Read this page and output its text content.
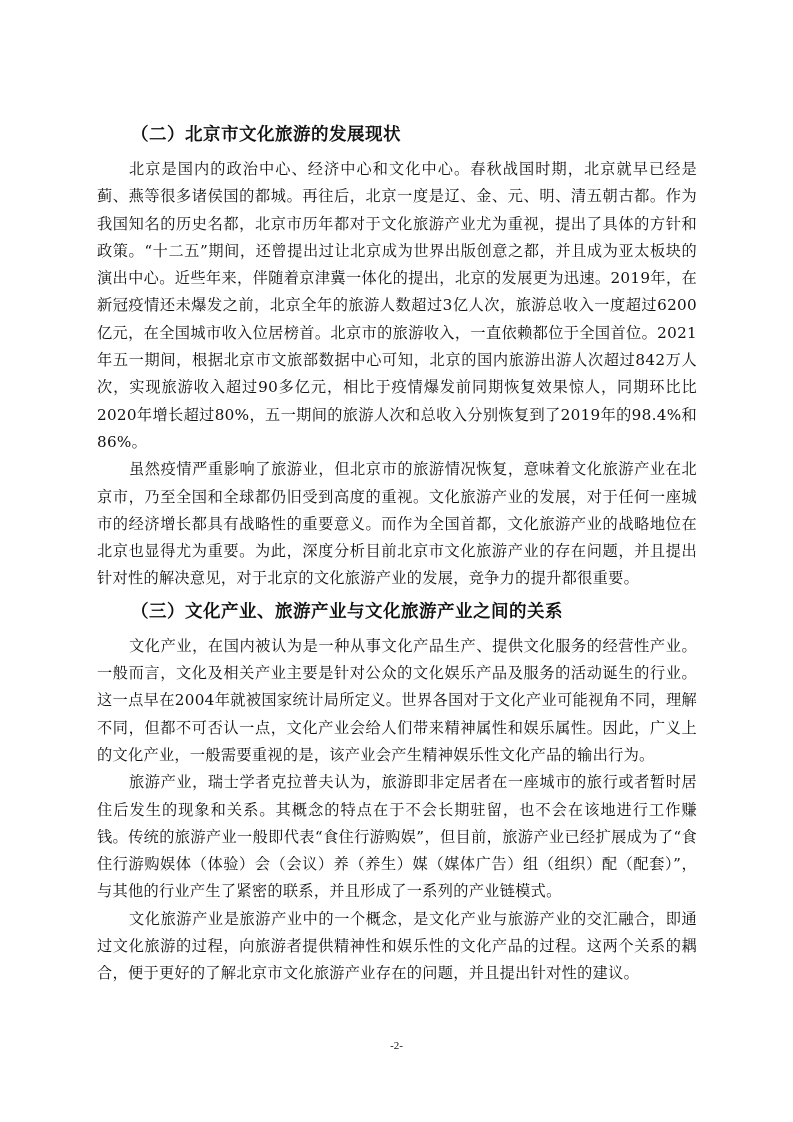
（二）北京市文化旅游的发展现状

北京是国内的政治中心、经济中心和文化中心。春秋战国时期，北京就早已经是蓟、燕等很多诸侯国的都城。再往后，北京一度是辽、金、元、明、清五朝古都。作为我国知名的历史名都，北京市历年都对于文化旅游产业尤为重视，提出了具体的方针和政策。“十二五”期间，还曾提出过让北京成为世界出版创意之都，并且成为亚太板块的演出中心。近些年来，伴随着京津冀一体化的提出，北京的发展更为迅速。2019年，在新冠疫情还未爆发之前，北京全年的旅游人数超过3亿人次，旅游总收入一度超过6200亿元，在全国城市收入位居榜首。北京市的旅游收入，一直依赖都位于全国首位。2021年五一期间，根据北京市文旅部数据中心可知，北京的国内旅游出游人次超过842万人次，实现旅游收入超过90多亿元，相比于疫情爆发前同期恢复效果惊人，同期环比比2020年增长超过80%，五一期间的旅游人次和总收入分别恢复到了2019年的98.4%和86%。

虽然疫情严重影响了旅游业，但北京市的旅游情况恢复，意味着文化旅游产业在北京市，乃至全国和全球都仍旧受到高度的重视。文化旅游产业的发展，对于任何一座城市的经济增长都具有战略性的重要意义。而作为全国首都，文化旅游产业的战略地位在北京也显得尤为重要。为此，深度分析目前北京市文化旅游产业的存在问题，并且提出针对性的解决意见，对于北京的文化旅游产业的发展，竞争力的提升都很重要。

（三）文化产业、旅游产业与文化旅游产业之间的关系

文化产业，在国内被认为是一种从事文化产品生产、提供文化服务的经营性产业。一般而言，文化及相关产业主要是针对公众的文化娱乐产品及服务的活动诞生的行业。这一点早在2004年就被国家统计局所定义。世界各国对于文化产业可能视角不同，理解不同，但都不可否认一点，文化产业会给人们带来精神属性和娱乐属性。因此，广义上的文化产业，一般需要重视的是，该产业会产生精神娱乐性文化产品的输出行为。

旅游产业，瑞士学者克拉普夫认为，旅游即非定居者在一座城市的旅行或者暂时居住后发生的现象和关系。其概念的特点在于不会长期驻留，也不会在该地进行工作赚钱。传统的旅游产业一般即代表“食住行游购娱”，但目前，旅游产业已经扩展成为了“食住行游购娱体（体验）会（会议）养（养生）媒（媒体广告）组（组织）配（配套）”，与其他的行业产生了紧密的联系，并且形成了一系列的产业链模式。

文化旅游产业是旅游产业中的一个概念，是文化产业与旅游产业的交汇融合，即通过文化旅游的过程，向旅游者提供精神性和娱乐性的文化产品的过程。这两个关系的耦合，便于更好的了解北京市文化旅游产业存在的问题，并且提出针对性的建议。

-2-
